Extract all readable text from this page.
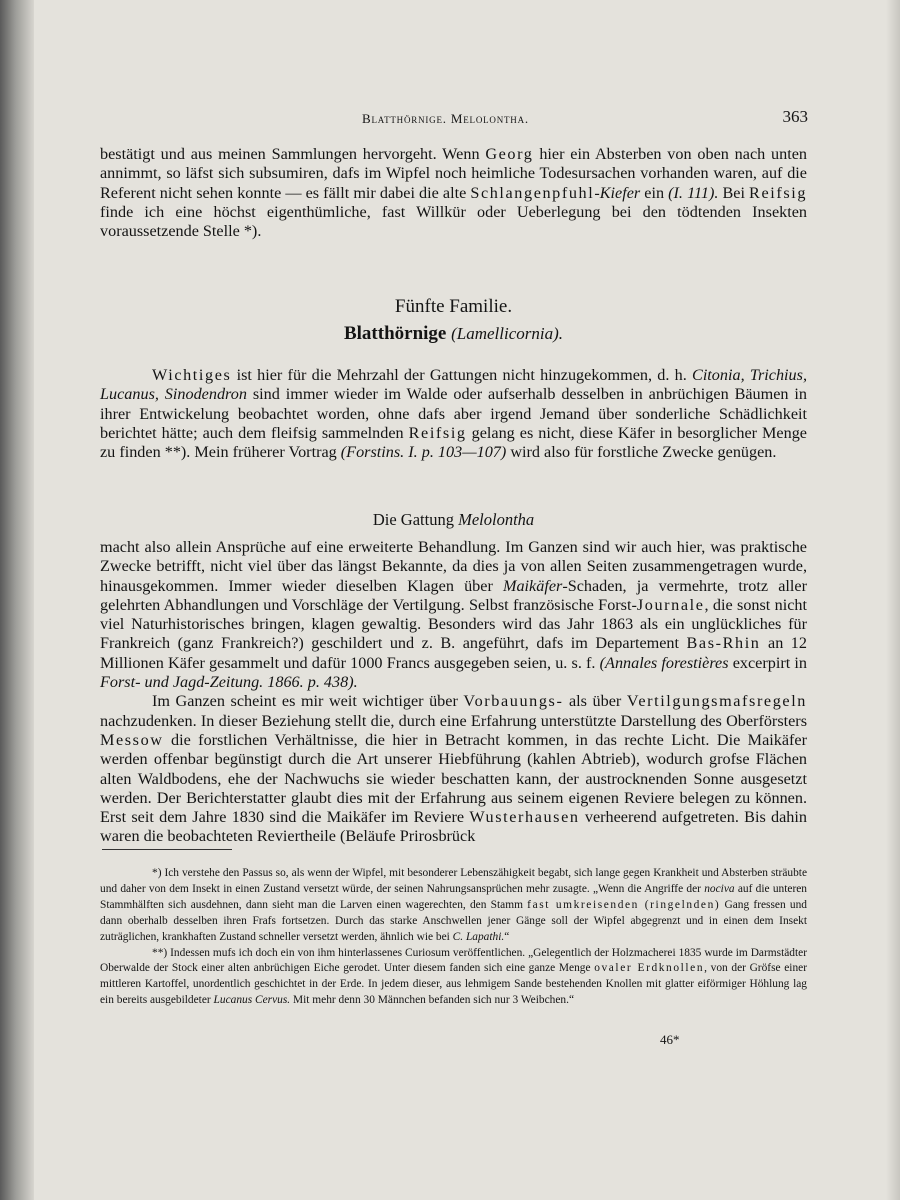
Blatthörnige. Melolontha.	363

bestätigt und aus meinen Sammlungen hervorgeht. Wenn Georg hier ein Absterben von oben nach unten annimmt, so läfst sich subsumiren, dafs im Wipfel noch heimliche Todesursachen vorhanden waren, auf die Referent nicht sehen konnte — es fällt mir dabei die alte Schlangenpfuhl-Kiefer ein (I. 111). Bei Reifsig finde ich eine höchst eigenthümliche, fast Willkür oder Ueberlegung bei den tödtenden Insekten voraussetzende Stelle *).

Fünfte Familie.
Blatthörnige (Lamellicornia).

Wichtiges ist hier für die Mehrzahl der Gattungen nicht hinzugekommen, d. h. Citonia, Trichius, Lucanus, Sinodendron sind immer wieder im Walde oder aufserhalb desselben in anbrüchigen Bäumen in ihrer Entwickelung beobachtet worden, ohne dafs aber irgend Jemand über sonderliche Schädlichkeit berichtet hätte; auch dem fleifsig sammelnden Reifsig gelang es nicht, diese Käfer in besorglicher Menge zu finden **). Mein früherer Vortrag (Forstins. I. p. 103—107) wird also für forstliche Zwecke genügen.

Die Gattung Melolontha

macht also allein Ansprüche auf eine erweiterte Behandlung. Im Ganzen sind wir auch hier, was praktische Zwecke betrifft, nicht viel über das längst Bekannte, da dies ja von allen Seiten zusammengetragen wurde, hinausgekommen. Immer wieder dieselben Klagen über Maikäfer-Schaden, ja vermehrte, trotz aller gelehrten Abhandlungen und Vorschläge der Vertilgung. Selbst französische Forst-Journale, die sonst nicht viel Naturhistorisches bringen, klagen gewaltig. Besonders wird das Jahr 1863 als ein unglückliches für Frankreich (ganz Frankreich?) geschildert und z. B. angeführt, dafs im Departement Bas-Rhin an 12 Millionen Käfer gesammelt und dafür 1000 Francs ausgegeben seien, u. s. f. (Annales forestières excerpirt in Forst- und Jagd-Zeitung. 1866. p. 438).

Im Ganzen scheint es mir weit wichtiger über Vorbauungs- als über Vertilgungsmafsregeln nachzudenken. In dieser Beziehung stellt die, durch eine Erfahrung unterstützte Darstellung des Oberförsters Messow die forstlichen Verhältnisse, die hier in Betracht kommen, in das rechte Licht. Die Maikäfer werden offenbar begünstigt durch die Art unserer Hiebführung (kahlen Abtrieb), wodurch grofse Flächen alten Waldbodens, ehe der Nachwuchs sie wieder beschatten kann, der austrocknenden Sonne ausgesetzt werden. Der Berichterstatter glaubt dies mit der Erfahrung aus seinem eigenen Reviere belegen zu können. Erst seit dem Jahre 1830 sind die Maikäfer im Reviere Wusterhausen verheerend aufgetreten. Bis dahin waren die beobachteten Reviertheile (Beläufe Prirosbrück

*) Ich verstehe den Passus so, als wenn der Wipfel, mit besonderer Lebenszähigkeit begabt, sich lange gegen Krankheit und Absterben sträubte und daher von dem Insekt in einen Zustand versetzt würde, der seinen Nahrungsansprüchen mehr zusagte. „Wenn die Angriffe der nociva auf die unteren Stammhälften sich ausdehnen, dann sieht man die Larven einen wagerechten, den Stamm fast umkreisenden (ringelnden) Gang fressen und dann oberhalb desselben ihren Frafs fortsetzen. Durch das starke Anschwellen jener Gänge soll der Wipfel abgegrenzt und in einen dem Insekt zuträglichen, krankhaften Zustand schneller versetzt werden, ähnlich wie bei C. Lapathi.“

**) Indessen mufs ich doch ein von ihm hinterlassenes Curiosum veröffentlichen. „Gelegentlich der Holzmacherei 1835 wurde im Darmstädter Oberwalde der Stock einer alten anbrüchigen Eiche gerodet. Unter diesem fanden sich eine ganze Menge ovaler Erdknollen, von der Gröfse einer mittleren Kartoffel, unordentlich geschichtet in der Erde. In jedem dieser, aus lehmigem Sande bestehenden Knollen mit glatter eiförmiger Höhlung lag ein bereits ausgebildeter Lucanus Cervus. Mit mehr denn 30 Männchen befanden sich nur 3 Weibchen.“

46*
